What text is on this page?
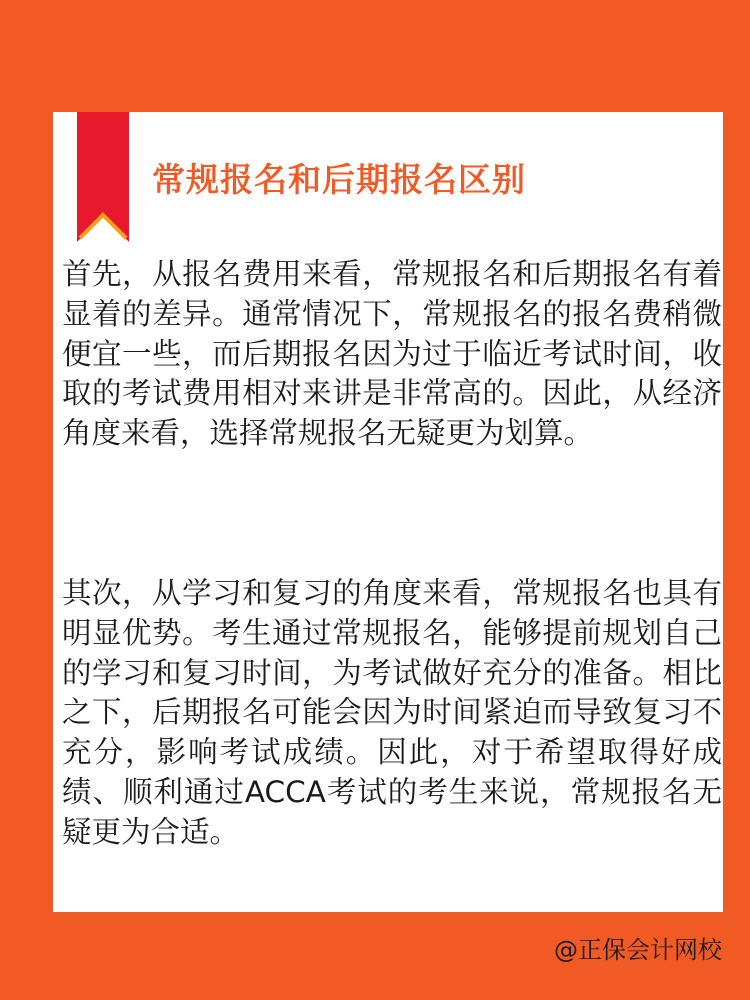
常规报名和后期报名区别

首先，从报名费用来看，常规报名和后期报名有着显着的差异。通常情况下，常规报名的报名费稍微便宜一些，而后期报名因为过于临近考试时间，收取的考试费用相对来讲是非常高的。因此，从经济角度来看，选择常规报名无疑更为划算。

其次，从学习和复习的角度来看，常规报名也具有明显优势。考生通过常规报名，能够提前规划自己的学习和复习时间，为考试做好充分的准备。相比之下，后期报名可能会因为时间紧迫而导致复习不充分，影响考试成绩。因此，对于希望取得好成绩、顺利通过ACCA考试的考生来说，常规报名无疑更为合适。

@正保会计网校
